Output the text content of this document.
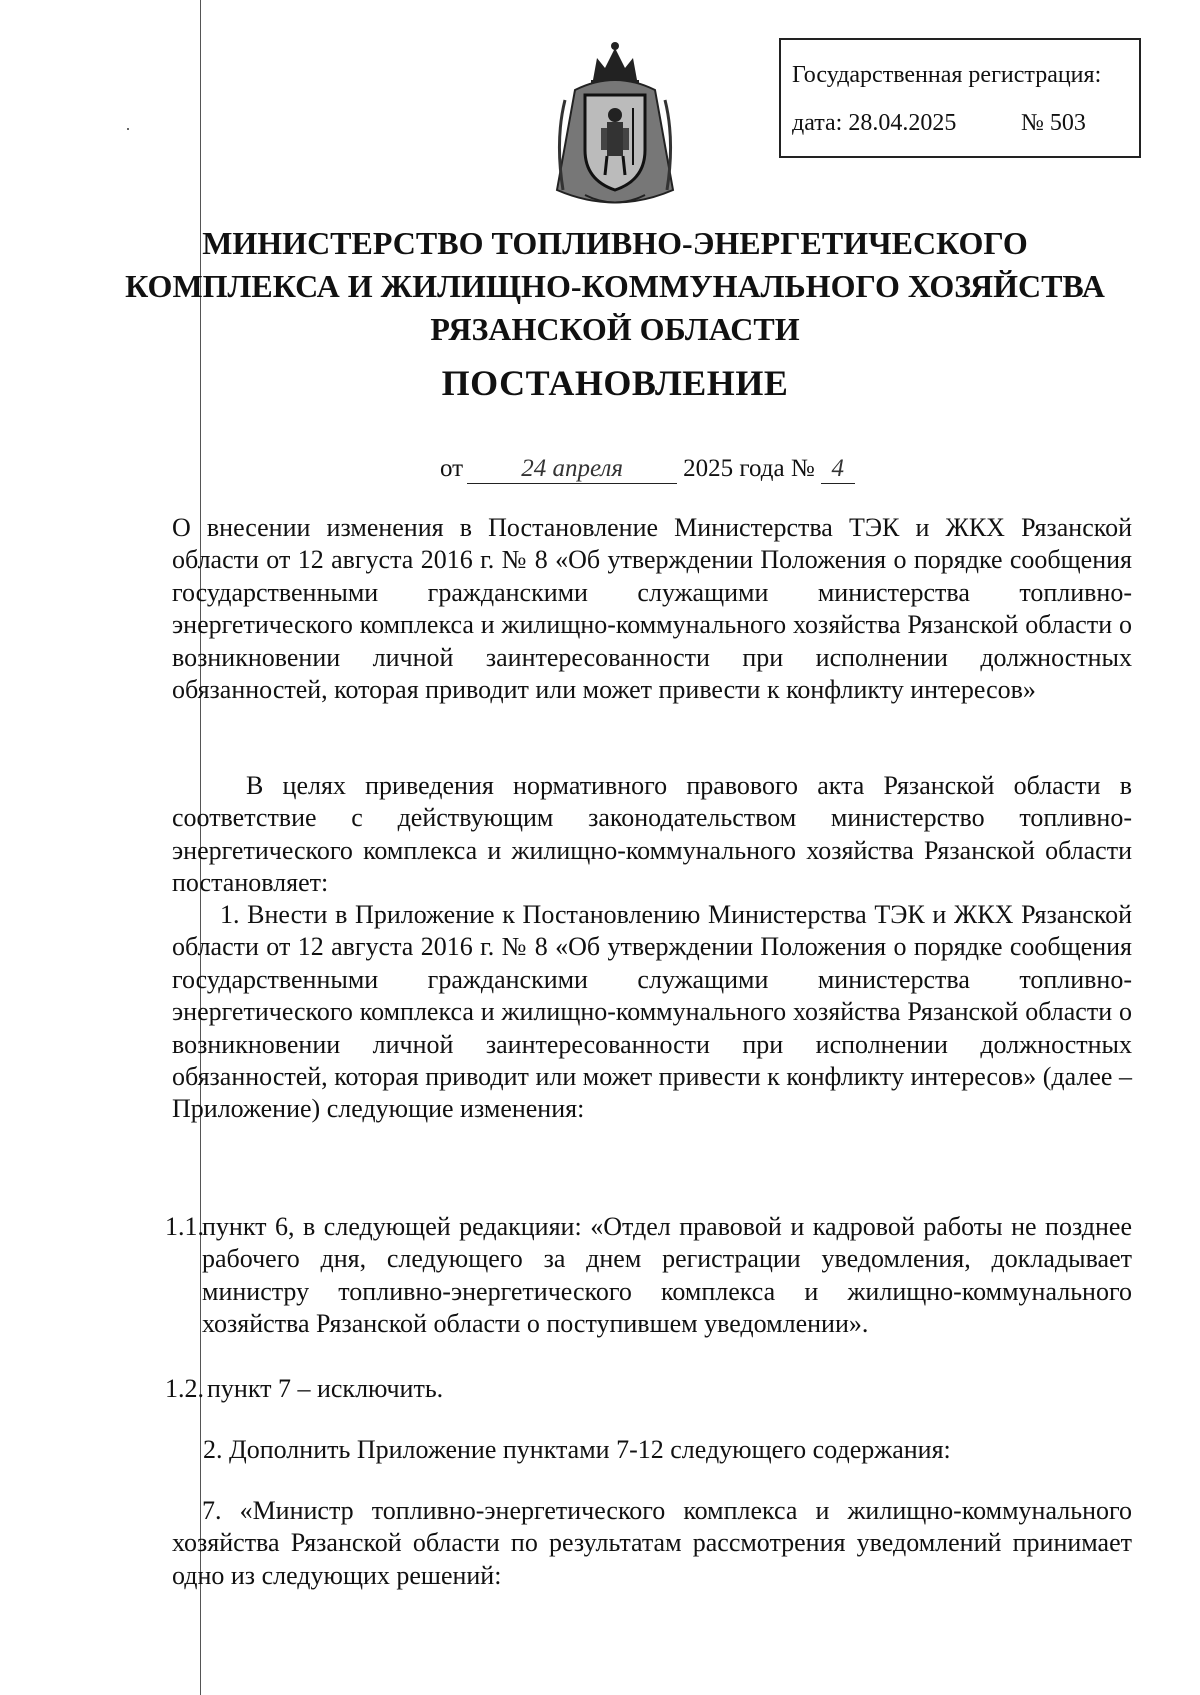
Государственная регистрация:
дата: 28.04.2025	№ 503
МИНИСТЕРСТВО ТОПЛИВНО-ЭНЕРГЕТИЧЕСКОГО
КОМПЛЕКСА И ЖИЛИЩНО-КОММУНАЛЬНОГО ХОЗЯЙСТВА
РЯЗАНСКОЙ ОБЛАСТИ
ПОСТАНОВЛЕНИЕ
от 24 апреля 2025 года № 4
О внесении изменения в Постановление Министерства ТЭК и ЖКХ Рязанской области от 12 августа 2016 г. № 8 «Об утверждении Положения о порядке сообщения государственными гражданскими служащими министерства топливно-энергетического комплекса и жилищно-коммунального хозяйства Рязанской области о возникновении личной заинтересованности при исполнении должностных обязанностей, которая приводит или может привести к конфликту интересов»
В целях приведения нормативного правового акта Рязанской области в соответствие с действующим законодательством министерство топливно-энергетического комплекса и жилищно-коммунального хозяйства Рязанской области постановляет:
1. Внести в Приложение к Постановлению Министерства ТЭК и ЖКХ Рязанской области от 12 августа 2016 г. № 8 «Об утверждении Положения о порядке сообщения государственными гражданскими служащими министерства топливно-энергетического комплекса и жилищно-коммунального хозяйства Рязанской области о возникновении личной заинтересованности при исполнении должностных обязанностей, которая приводит или может привести к конфликту интересов» (далее – Приложение) следующие изменения:
1.1.
пункт 6, в следующей редакцияи: «Отдел правовой и кадровой работы не позднее рабочего дня, следующего за днем регистрации уведомления, докладывает министру топливно-энергетического комплекса и жилищно-коммунального хозяйства Рязанской области о поступившем уведомлении».
1.2. пункт 7 – исключить.
2. Дополнить Приложение пунктами 7-12 следующего содержания:
7. «Министр топливно-энергетического комплекса и жилищно-коммунального хозяйства Рязанской области по результатам рассмотрения уведомлений принимает одно из следующих решений:
